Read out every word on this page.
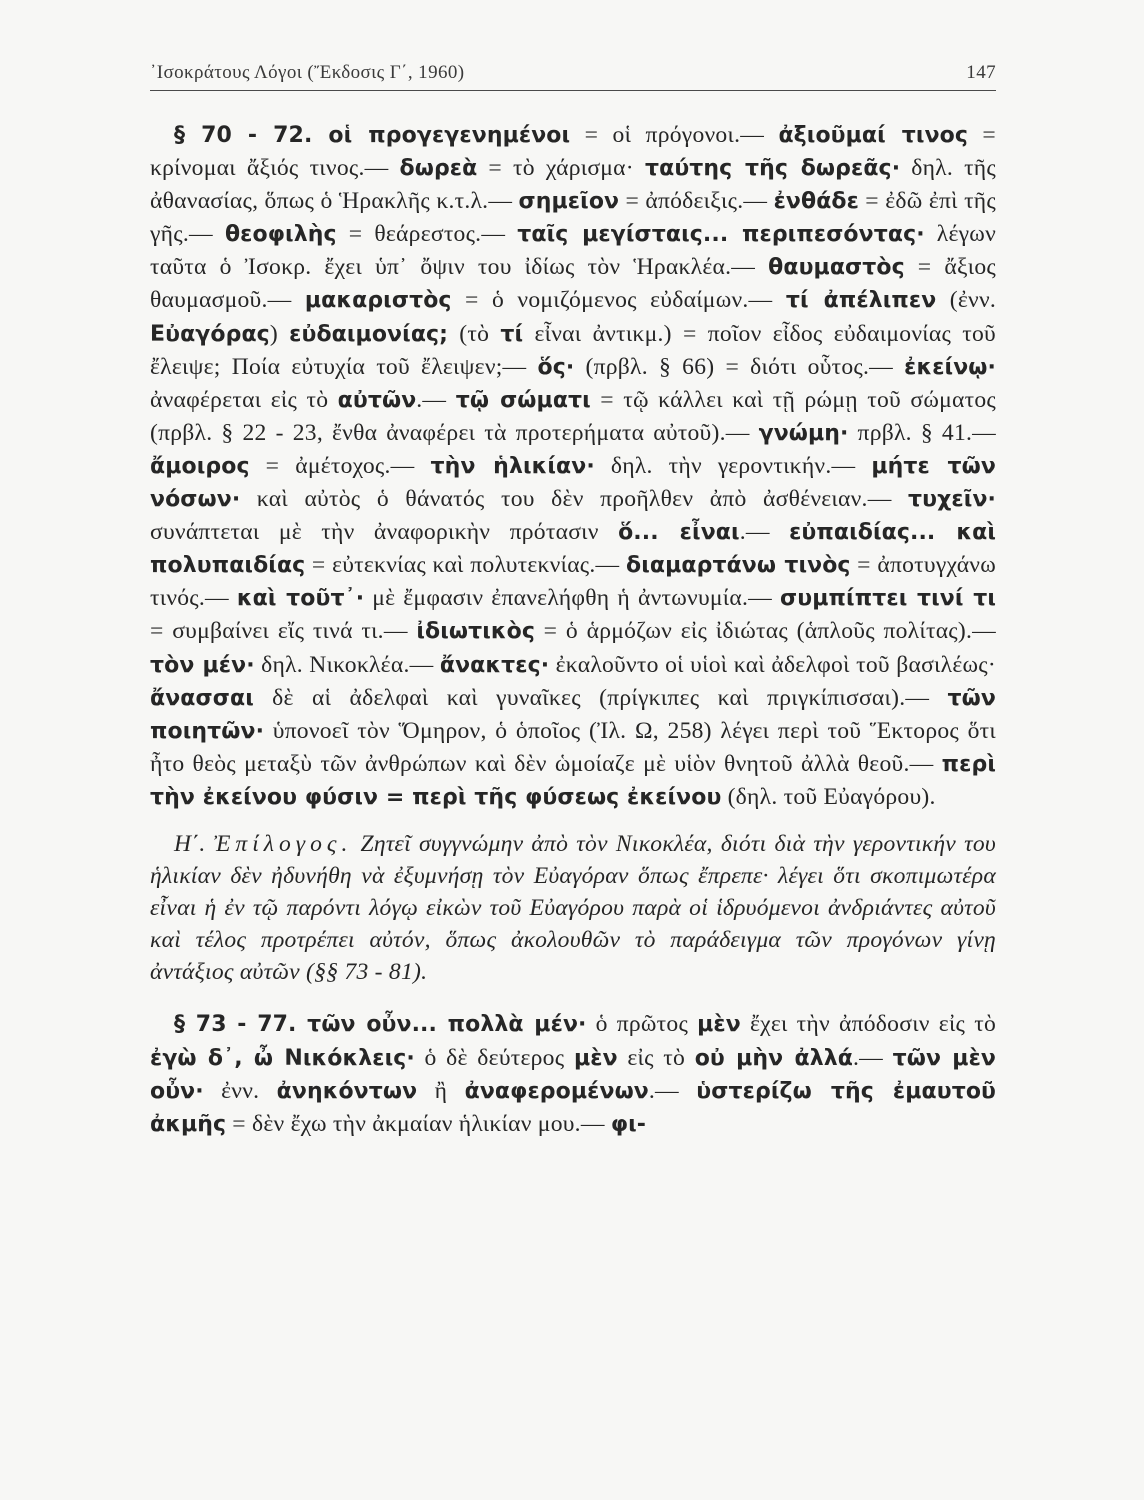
᾿Ισοκράτους Λόγοι (Ἔκδοσις Γ΄, 1960)	147

§ 70 - 72. οἱ προγεγενημένοι = οἱ πρόγονοι.— ἀξιοῦμαί τινος = κρίνομαι ἄξιός τινος.— δωρεὰ = τὸ χάρισμα· ταύτης τῆς δωρεᾶς· δηλ. τῆς ἀθανασίας, ὅπως ὁ Ἡρακλῆς κ.τ.λ.— σημεῖον = ἀπόδειξις.— ἐνθάδε = ἐδῶ ἐπὶ τῆς γῆς.— θεοφιλὴς = θεάρεστος.— ταῖς μεγίσταις... περιπεσόντας· λέγων ταῦτα ὁ Ἰσοκρ. ἔχει ὑπ᾿ ὄψιν του ἰδίως τὸν Ἡρακλέα.— θαυμαστὸς = ἄξιος θαυμασμοῦ.— μακαριστὸς = ὁ νομιζόμενος εὐδαίμων.— τί ἀπέλιπεν (ἐνν. Εὐαγόρας) εὐδαιμονίας; (τὸ τί εἶναι ἀντικμ.) = ποῖον εἶδος εὐδαιμονίας τοῦ ἔλειψε; Ποία εὐτυχία τοῦ ἔλειψεν;— ὅς· (πρβλ. § 66) = διότι οὗτος.— ἐκείνῳ· ἀναφέρεται εἰς τὸ αὐτῶν.— τῷ σώματι = τῷ κάλλει καὶ τῇ ρώμῃ τοῦ σώματος (πρβλ. § 22 - 23, ἔνθα ἀναφέρει τὰ προτερήματα αὐτοῦ).— γνώμη· πρβλ. § 41.— ἄμοιρος = ἀμέτοχος.— τὴν ἡλικίαν· δηλ. τὴν γεροντικήν.— μήτε τῶν νόσων· καὶ αὐτὸς ὁ θάνατός του δὲν προῆλθεν ἀπὸ ἀσθένειαν.— τυχεῖν· συνάπτεται μὲ τὴν ἀναφορικὴν πρότασιν ὅ... εἶναι.— εὐπαιδίας... καὶ πολυπαιδίας = εὐτεκνίας καὶ πολυτεκνίας.— διαμαρτάνω τινὸς = ἀποτυγχάνω τινός.— καὶ τοῦτ᾿· μὲ ἔμφασιν ἐπανελήφθη ἡ ἀντωνυμία.— συμπίπτει τινί τι = συμβαίνει εἴς τινά τι.— ἰδιωτικὸς = ὁ ἁρμόζων εἰς ἰδιώτας (ἁπλοῦς πολίτας).— τὸν μέν· δηλ. Νικοκλέα.— ἄνακτες· ἐκαλοῦντο οἱ υἱοὶ καὶ ἀδελφοὶ τοῦ βασιλέως· ἄνασσαι δὲ αἱ ἀδελφαὶ καὶ γυναῖκες (πρίγκιπες καὶ πριγκίπισσαι).— τῶν ποιητῶν· ὑπονοεῖ τὸν Ὅμηρον, ὁ ὁποῖος (Ἰλ. Ω, 258) λέγει περὶ τοῦ Ἕκτορος ὅτι ἦτο θεὸς μεταξὺ τῶν ἀνθρώπων καὶ δὲν ὡμοίαζε μὲ υἱὸν θνητοῦ ἀλλὰ θεοῦ.— περὶ τὴν ἐκείνου φύσιν = περὶ τῆς φύσεως ἐκείνου (δηλ. τοῦ Εὐαγόρου).

Η΄. Ἐπίλογος. Ζητεῖ συγγνώμην ἀπὸ τὸν Νικοκλέα, διότι διὰ τὴν γεροντικήν του ἡλικίαν δὲν ἠδυνήθη νὰ ἐξυμνήσῃ τὸν Εὐαγόραν ὅπως ἔπρεπε· λέγει ὅτι σκοπιμωτέρα εἶναι ἡ ἐν τῷ παρόντι λόγῳ εἰκὼν τοῦ Εὐαγόρου παρὰ οἱ ἱδρυόμενοι ἀνδριάντες αὐτοῦ καὶ τέλος προτρέπει αὐτόν, ὅπως ἀκολουθῶν τὸ παράδειγμα τῶν προγόνων γίνῃ ἀντάξιος αὐτῶν (§§ 73 - 81).

§ 73 - 77. τῶν οὖν... πολλὰ μέν· ὁ πρῶτος μὲν ἔχει τὴν ἀπόδοσιν εἰς τὸ ἐγὼ δ᾿, ὦ Νικόκλεις· ὁ δὲ δεύτερος μὲν εἰς τὸ οὐ μὴν ἀλλά.— τῶν μὲν οὖν· ἐνν. ἀνηκόντων ἢ ἀναφερομένων.— ὑστερίζω τῆς ἐμαυτοῦ ἀκμῆς = δὲν ἔχω τὴν ἀκμαίαν ἡλικίαν μου.— φι-
